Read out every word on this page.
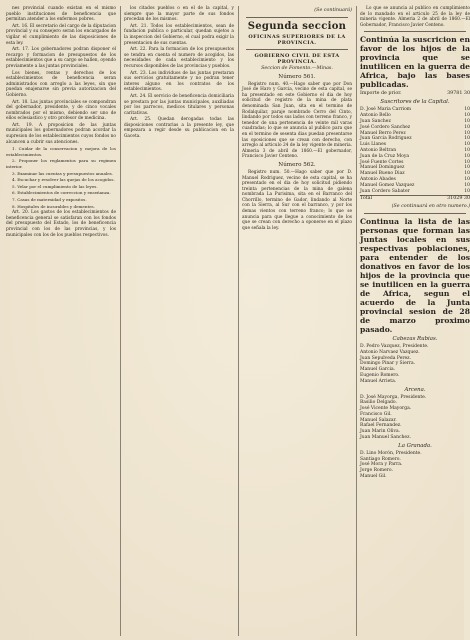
nes provincial cuando existan en el mismo pueblo instituciones de beneficencia que permitan atender a los enfermos pobres.

Art. 16. El secretario del cargo de la diputacion provincial y su consejero seran los encargados de vigilar el cumplimiento de las disposiciones de esta ley.

Art. 17. Los gobernadores podran disponer el recargo y formacion de presupuestos de los establecimientos que a su cargo se hallen, oyendo previamente a las juntas provinciales.

Los bienes, rentas y derechos de los establecimientos de beneficencia seran administrados con arreglo a las leyes, sin que puedan enajenarse sin previa autorizacion del Gobierno.

Art. 18. Las juntas provinciales se compondran del gobernador, presidente, y de cinco vocales nombrados por el mismo, debiendo ser uno de ellos eclesiastico y otro profesor de medicina.

Art. 19. A proposicion de las juntas municipales los gobernadores podran acordar la supresion de los establecimientos cuyos fondos no alcancen a cubrir sus atenciones.

1. Cuidar de la conservacion y mejora de los establecimientos.

2. Proponer los reglamentos para su regimen interior.

3. Examinar las cuentas y presupuestos anuales.

4. Escuchar y resolver las quejas de los acogidos.

5. Velar por el cumplimiento de las leyes.

6. Establecimientos de correccion y enseñanza.

7. Casas de maternidad y expositos.

8. Hospitales de incurables y dementes.

Art. 20. Los gastos de los establecimientos de beneficencia general se satisfaran con los fondos del presupuesto del Estado, los de beneficencia provincial con los de las provincias, y los municipales con los de los pueblos respectivos.

los citados pueblos o en el de la capital, y siempre que la mayor parte de sus fondos procedan de los mismos.

Art. 21. Todos los establecimientos, sean de fundacion publica o particular, quedan sujetos a la inspeccion del Gobierno, el cual podra exigir la presentacion de sus cuentas.

Art. 22. Para la formacion de los presupuestos se tendra en cuenta el numero de acogidos, las necesidades de cada establecimiento y los recursos disponibles de las provincias y pueblos.

Art. 23. Los individuos de las juntas prestaran sus servicios gratuitamente y no podran tener interes alguno en los contratos de los establecimientos.

Art. 24. El servicio de beneficencia domiciliaria se prestara por las juntas municipales, auxiliadas por los parrocos, medicos titulares y personas caritativas.

Art. 25. Quedan derogadas todas las disposiciones contrarias a la presente ley, que empezara a regir desde su publicacion en la Gaceta.

(Se continuará)
Segunda seccion
OFICINAS SUPERIORES DE LA PROVINCIA.
GOBIERNO CIVIL DE ESTA PROVINCIA.
Seccion de Fomento.—Minas.
Número 561.

Registro num. 40.—Hago saber que por Don José de Haro y Garcia, vecino de esta capital, se ha presentado en este Gobierno el dia de hoy solicitud de registro de la mina de plata denominada San Juan, sita en el termino de Rodalquilar, paraje nombrado Cerro del Cinto, lindando por todos sus lados con terreno franco, y tenedor de una pertenencia de veinte mil varas cuadradas; lo que se anuncia al publico para que en el termino de sesenta dias puedan presentarse las oposiciones que se crean con derecho, con arreglo al articulo 24 de la ley vigente de mineria. Almeria 3 de abril de 1860.—El gobernador, Francisco Javier Centeno.

Número 562.

Registro num. 50.—Hago saber que por D. Manuel Rodriguez, vecino de esta capital, se ha presentado en el dia de hoy solicitud pidiendo treinta pertenencias de la mina de galena nombrada La Purisima, sita en el Barranco del Chorrillo, termino de Gador, lindando al Norte con la Sierra, al Sur con el barranco, y por los demas vientos con terreno franco; lo que se anuncia para que llegue a conocimiento de los que se crean con derecho a oponerse en el plazo que señala la ley.

Lo que se anuncia al publico en cumplimiento de lo mandado en el articulo 25 de la ley de mineria vigente. Almeria 2 de abril de 1860.—El Gobernador, Francisco Javier Centeno.

Continúa la suscricion en favor de los hijos de la provincia que se inutilicen en la guerra de Africa, bajo las bases publicadas.
Importe de prior.	39781 30
Suscritores de la Capital.
D. José Maria Carriom	10
Antonio Bello	10
Juan Sanchez	10
José Cordero Sanchez	10
Manuel Berro Perez	10
Juan Garcia Rodriguez	10
Luis Llanes	10
Antonio Beltran	10
Juan de la Cruz Moya	10
José Fuente Cortes	10
Manuel Dominguez	10
Manuel Bueno Diaz	10
Antonio Abades	10
Manuel Gomez Vazquez	10
Juan Cordero Sabater	10
Total	31029 30
(Se continuará en otro numero.)
Continua la lista de las personas que forman las Juntas locales en sus respectivas poblaciones, para entender de los donativos en favor de los hijos de la provincia que se inutilicen en la guerra de Africa, segun el acuerdo de la Junta provincial sesion de 28 de marzo proximo pasado.
Cabezas Rubias.
D. Pedro Vazquez, Presidente.
Antonio Narvaez Vazquez.
Juan Sepulveda Perez.
Domingo Pinar y Sierra.
Manuel Garcia.
Eugenio Romero.
Manuel Arrieta.
Arcena.
D. José Mayorga, Presidente.
Basilio Delgado.
José Vicente Mayorga.
Francisco Gil.
Manuel Salazar.
Rafael Fernandez.
Juan Marin Oliva.
Juan Manuel Sanchez.
La Granada.
D. Lino Morón, Presidente.
Santiago Romero.
José Mora y Parra.
Jorge Romero.
Manuel Gil.
